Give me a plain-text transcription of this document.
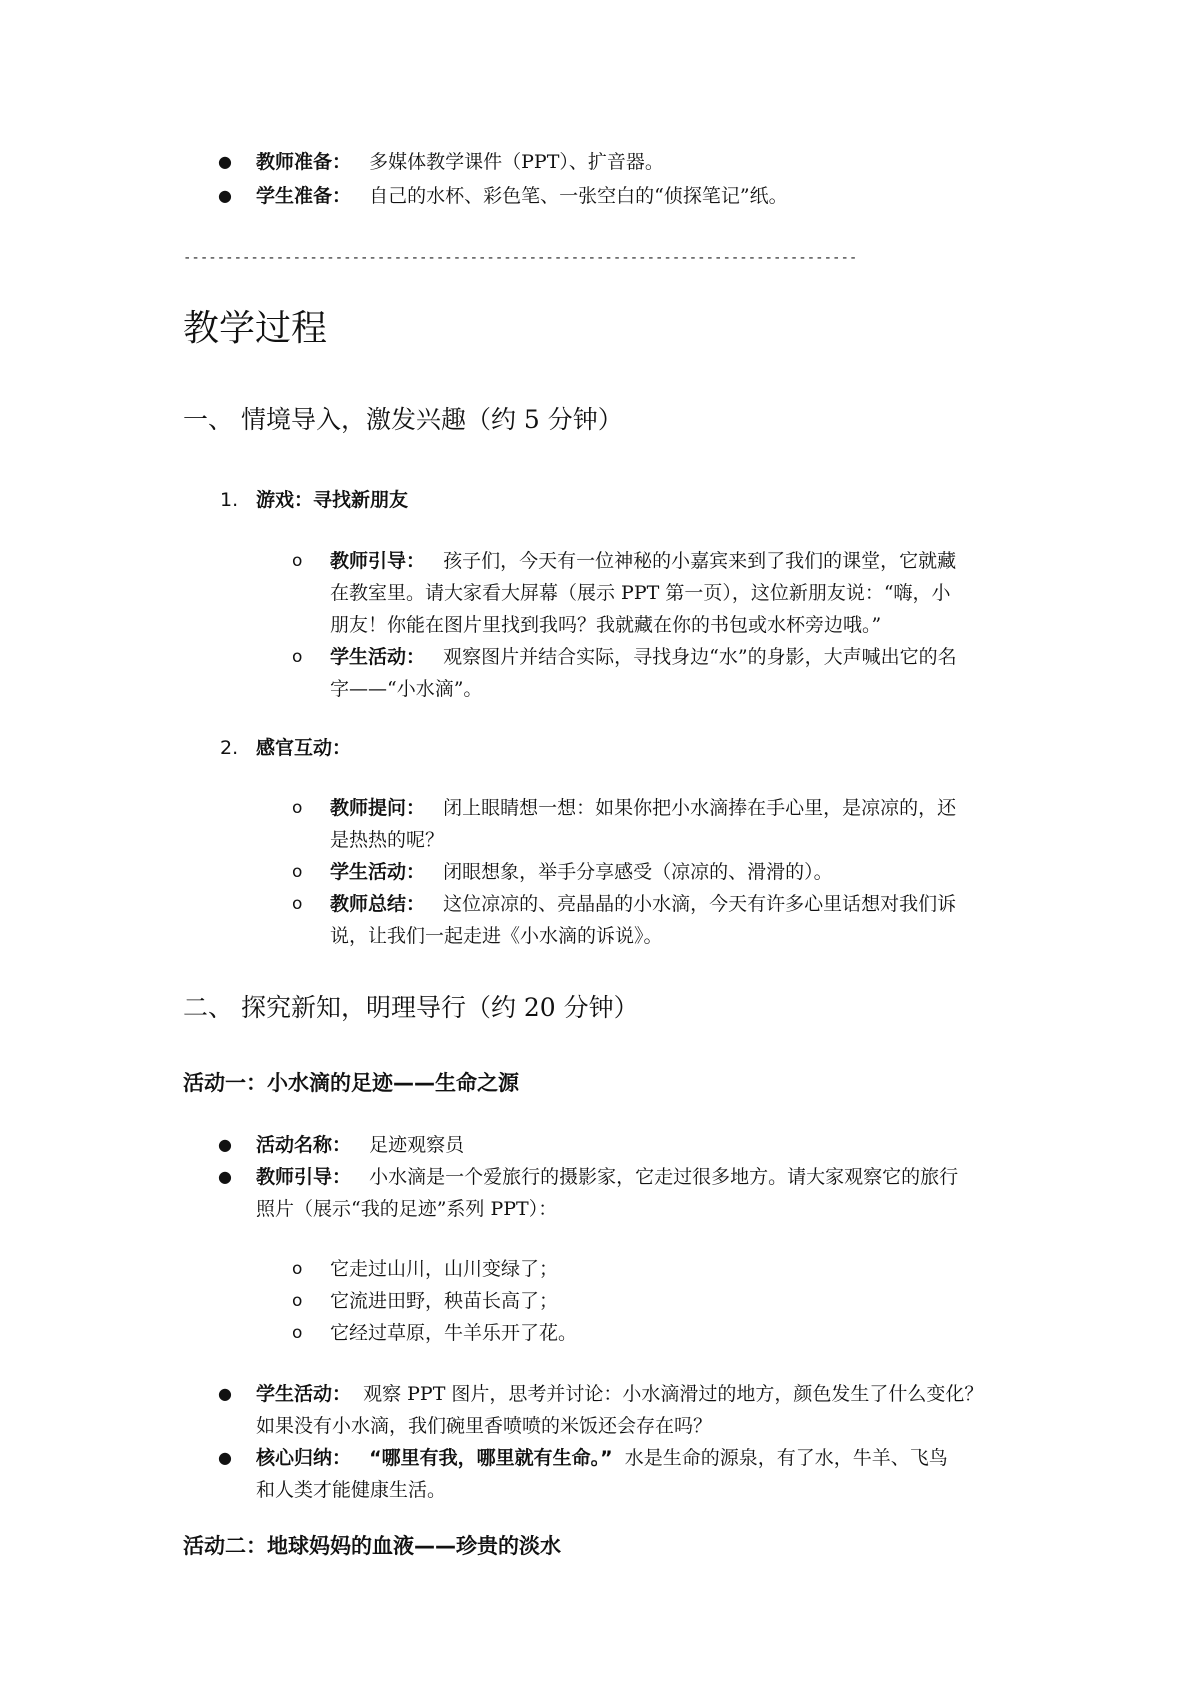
● 教师准备： 多媒体教学课件（PPT）、扩音器。
● 学生准备： 自己的水杯、彩色笔、一张空白的“侦探笔记”纸。
--------------------------------------------------------------------------------
教学过程
一、 情境导入，激发兴趣（约 5 分钟）
1. 游戏：寻找新朋友
o 教师引导： 孩子们，今天有一位神秘的小嘉宾来到了我们的课堂，它就藏
在教室里。请大家看大屏幕（展示 PPT 第一页），这位新朋友说：“嗨，小
朋友！你能在图片里找到我吗？我就藏在你的书包或水杯旁边哦。”
o 学生活动： 观察图片并结合实际，寻找身边“水”的身影，大声喊出它的名
字——“小水滴”。
2. 感官互动：
o 教师提问： 闭上眼睛想一想：如果你把小水滴捧在手心里，是凉凉的，还
是热热的呢？
o 学生活动： 闭眼想象，举手分享感受（凉凉的、滑滑的）。
o 教师总结： 这位凉凉的、亮晶晶的小水滴，今天有许多心里话想对我们诉
说，让我们一起走进《小水滴的诉说》。
二、 探究新知，明理导行（约 20 分钟）
活动一：小水滴的足迹——生命之源
● 活动名称： 足迹观察员
● 教师引导： 小水滴是一个爱旅行的摄影家，它走过很多地方。请大家观察它的旅行
照片（展示“我的足迹”系列 PPT）：
o 它走过山川，山川变绿了；
o 它流进田野，秧苗长高了；
o 它经过草原，牛羊乐开了花。
● 学生活动： 观察 PPT 图片，思考并讨论：小水滴滑过的地方，颜色发生了什么变化？
如果没有小水滴，我们碗里香喷喷的米饭还会存在吗？
● 核心归纳： “哪里有我，哪里就有生命。” 水是生命的源泉，有了水，牛羊、飞鸟
和人类才能健康生活。
活动二：地球妈妈的血液——珍贵的淡水
